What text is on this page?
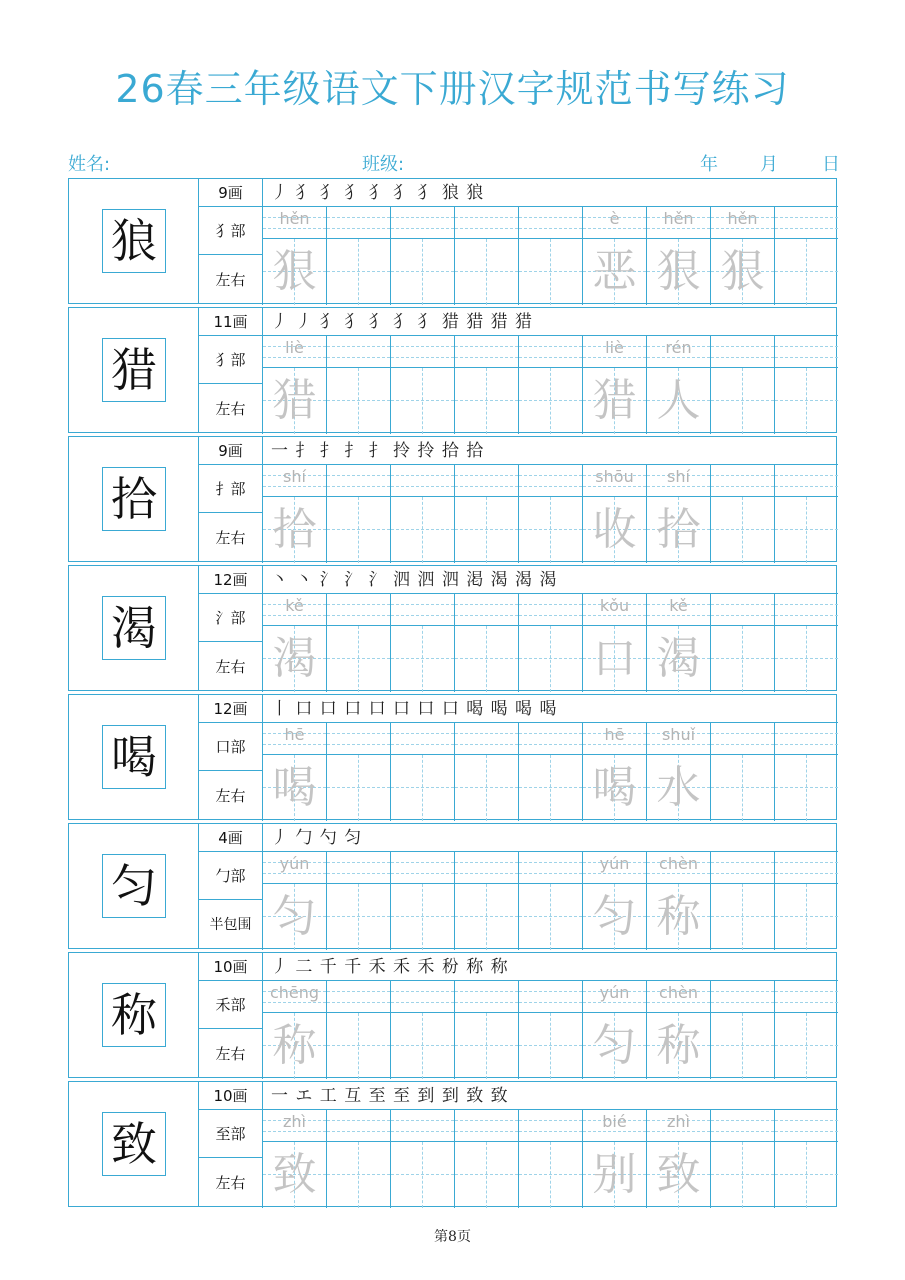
26春三年级语文下册汉字规范书写练习
姓名:	班级:	年 月 日
狼
9画
犭部
左右
丿 犭 犭 犭 犭 犭 犭 狼 狼
hěn
狠
è
恶
hěn
狠
hěn
狠
猎
11画
犭部
左右
丿 丿 犭 犭 犭 犭 犭 猎 猎 猎 猎
liè
猎
liè
猎
rén
人
拾
9画
扌部
左右
一 扌 扌 扌 扌 拎 拎 拾 拾
shí
拾
shōu
收
shí
拾
渴
12画
氵部
左右
丶 丶 氵 氵 氵 泗 泗 泗 渇 渴 渴 渴
kě
渴
kǒu
口
kě
渴
喝
12画
口部
左右
丨 口 口 口 口 口 口 口 喝 喝 喝 喝
hē
喝
hē
喝
shuǐ
水
匀
4画
勹部
半包围
丿 勹 勺 匀
yún
匀
yún
匀
chèn
称
称
10画
禾部
左右
丿 二 千 千 禾 禾 禾 秎 称 称
chēng
称
yún
匀
chèn
称
致
10画
至部
左右
一 エ 工 互 至 至 到 到 致 致
zhì
致
bié
别
zhì
致
第8页
